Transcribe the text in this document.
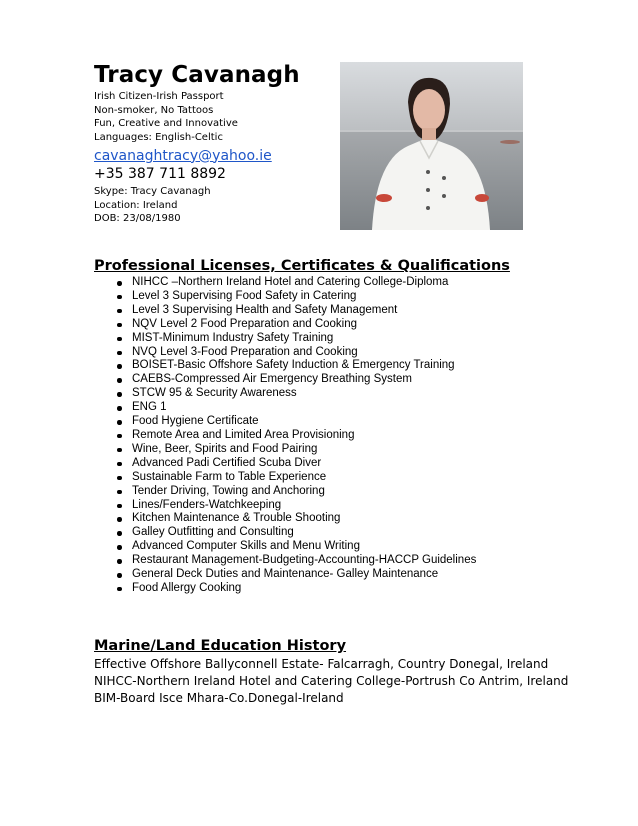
Tracy Cavanagh
Irish Citizen-Irish Passport
Non-smoker, No Tattoos
Fun, Creative and Innovative
Languages: English-Celtic
cavanaghtracy@yahoo.ie
+35 387 711 8892
Skype: Tracy Cavanagh
Location: Ireland
DOB: 23/08/1980
Professional Licenses, Certificates & Qualifications
NIHCC –Northern Ireland Hotel and Catering College-Diploma
Level 3 Supervising Food Safety in Catering
Level 3 Supervising Health and Safety Management
NQV Level 2 Food Preparation and Cooking
MIST-Minimum Industry Safety Training
NVQ Level 3-Food Preparation and Cooking
BOISET-Basic Offshore Safety Induction & Emergency Training
CAEBS-Compressed Air Emergency Breathing System
STCW 95 & Security Awareness
ENG 1
Food Hygiene Certificate
Remote Area and Limited Area Provisioning
Wine, Beer, Spirits and Food Pairing
Advanced Padi Certified Scuba Diver
Sustainable Farm to Table Experience
Tender Driving, Towing and Anchoring
Lines/Fenders-Watchkeeping
Kitchen Maintenance & Trouble Shooting
Galley Outfitting and Consulting
Advanced Computer Skills and Menu Writing
Restaurant Management-Budgeting-Accounting-HACCP Guidelines
General Deck Duties and Maintenance- Galley Maintenance
Food Allergy Cooking
Marine/Land Education History
Effective Offshore Ballyconnell Estate- Falcarragh, Country Donegal, Ireland
NIHCC-Northern Ireland Hotel and Catering College-Portrush Co Antrim, Ireland
BIM-Board Isce Mhara-Co.Donegal-Ireland
